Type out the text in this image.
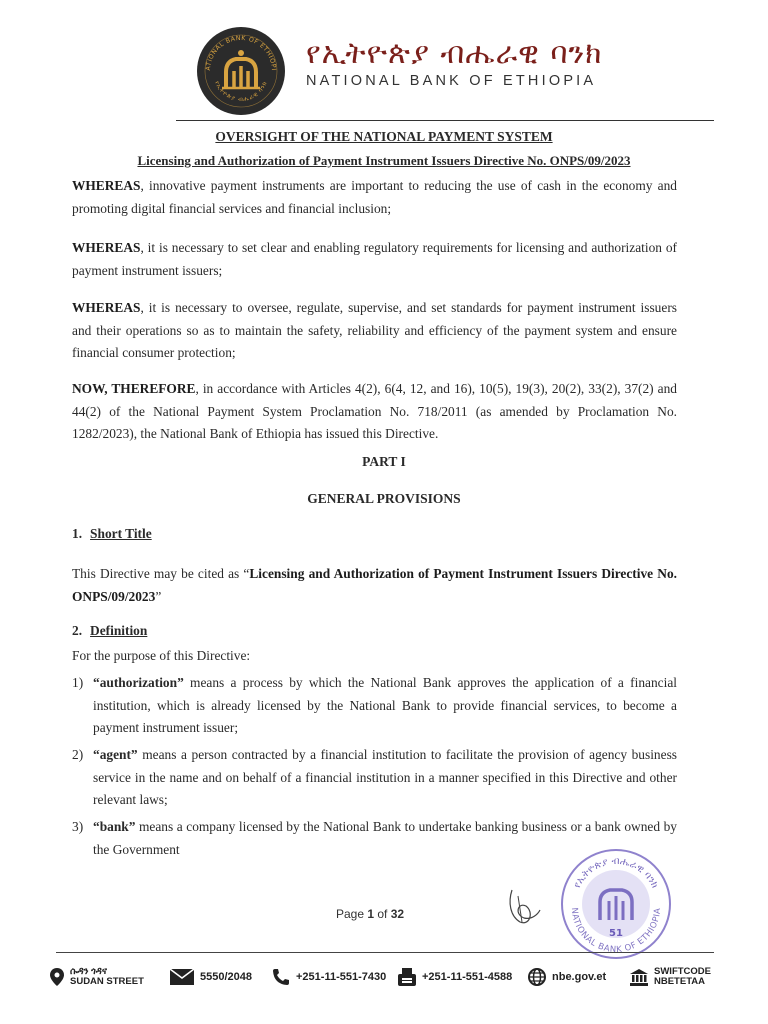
ATIONAL BANK OF ETHIOPI
የኢትዮጵያ ብሔራዊ ባንክ
የኢትዮጵያ ብሔራዊ ባንክ
NATIONAL BANK OF ETHIOPIA
OVERSIGHT OF THE NATIONAL PAYMENT SYSTEM
Licensing and Authorization of Payment Instrument Issuers Directive No. ONPS/09/2023
WHEREAS, innovative payment instruments are important to reducing the use of cash in the economy and promoting digital financial services and financial inclusion;
WHEREAS, it is necessary to set clear and enabling regulatory requirements for licensing and authorization of payment instrument issuers;
WHEREAS, it is necessary to oversee, regulate, supervise, and set standards for payment instrument issuers and their operations so as to maintain the safety, reliability and efficiency of the payment system and ensure financial consumer protection;
NOW, THEREFORE, in accordance with Articles 4(2), 6(4, 12, and 16), 10(5), 19(3), 20(2), 33(2), 37(2) and 44(2) of the National Payment System Proclamation No. 718/2011 (as amended by Proclamation No. 1282/2023), the National Bank of Ethiopia has issued this Directive.
PART I
GENERAL PROVISIONS
1. Short Title
This Directive may be cited as “Licensing and Authorization of Payment Instrument Issuers Directive No. ONPS/09/2023”
2. Definition
For the purpose of this Directive:
1) “authorization” means a process by which the National Bank approves the application of a financial institution, which is already licensed by the National Bank to provide financial services, to become a payment instrument issuer;
2) “agent” means a person contracted by a financial institution to facilitate the provision of agency business service in the name and on behalf of a financial institution in a manner specified in this Directive and other relevant laws;
3) “bank” means a company licensed by the National Bank to undertake banking business or a bank owned by the Government
Page 1 of 32
የኢትዮጵያ ብሔራዊ ባንክ
NATIONAL BANK OF ETHIOPIA
51
ሱዳን ጎዳና
SUDAN STREET	5550/2048	+251-11-551-7430	+251-11-551-4588	nbe.gov.et	SWIFTCODE
NBETETAA
